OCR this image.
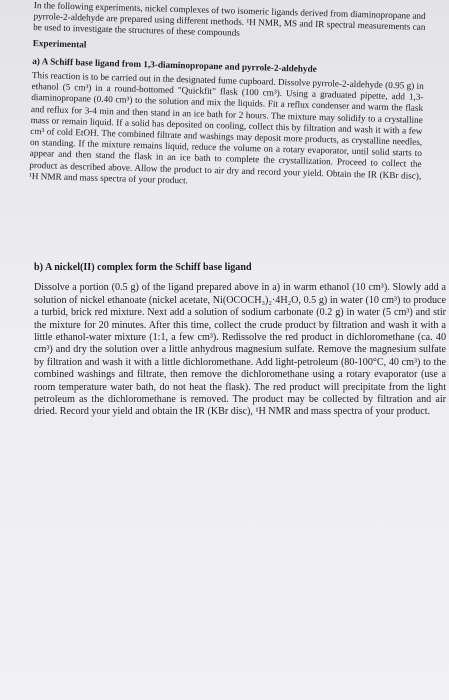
In the following experiments, nickel complexes of two isomeric ligands derived from diaminopropane and pyrrole-2-aldehyde are prepared using different methods. ¹H NMR, MS and IR spectral measurements can be used to investigate the structures of these compounds

Experimental

a) A Schiff base ligand from 1,3-diaminopropane and pyrrole-2-aldehyde

This reaction is to be carried out in the designated fume cupboard. Dissolve pyrrole-2-aldehyde (0.95 g) in ethanol (5 cm³) in a round-bottomed "Quickfit" flask (100 cm³). Using a graduated pipette, add 1,3-diaminopropane (0.40 cm³) to the solution and mix the liquids. Fit a reflux condenser and warm the flask and reflux for 3-4 min and then stand in an ice bath for 2 hours. The mixture may solidify to a crystalline mass or remain liquid. If a solid has deposited on cooling, collect this by filtration and wash it with a few cm³ of cold EtOH. The combined filtrate and washings may deposit more products, as crystalline needles, on standing. If the mixture remains liquid, reduce the volume on a rotary evaporator, until solid starts to appear and then stand the flask in an ice bath to complete the crystallization. Proceed to collect the product as described above. Allow the product to air dry and record your yield. Obtain the IR (KBr disc), ¹H NMR and mass spectra of your product.

b) A nickel(II) complex form the Schiff base ligand

Dissolve a portion (0.5 g) of the ligand prepared above in a) in warm ethanol (10 cm³). Slowly add a solution of nickel ethanoate (nickel acetate, Ni(OCOCH₃)₂·4H₂O, 0.5 g) in water (10 cm³) to produce a turbid, brick red mixture. Next add a solution of sodium carbonate (0.2 g) in water (5 cm³) and stir the mixture for 20 minutes. After this time, collect the crude product by filtration and wash it with a little ethanol-water mixture (1:1, a few cm³). Redissolve the red product in dichloromethane (ca. 40 cm³) and dry the solution over a little anhydrous magnesium sulfate. Remove the magnesium sulfate by filtration and wash it with a little dichloromethane. Add light-petroleum (80-100°C, 40 cm³) to the combined washings and filtrate, then remove the dichloromethane using a rotary evaporator (use a room temperature water bath, do not heat the flask). The red product will precipitate from the light petroleum as the dichloromethane is removed. The product may be collected by filtration and air dried. Record your yield and obtain the IR (KBr disc), ¹H NMR and mass spectra of your product.
